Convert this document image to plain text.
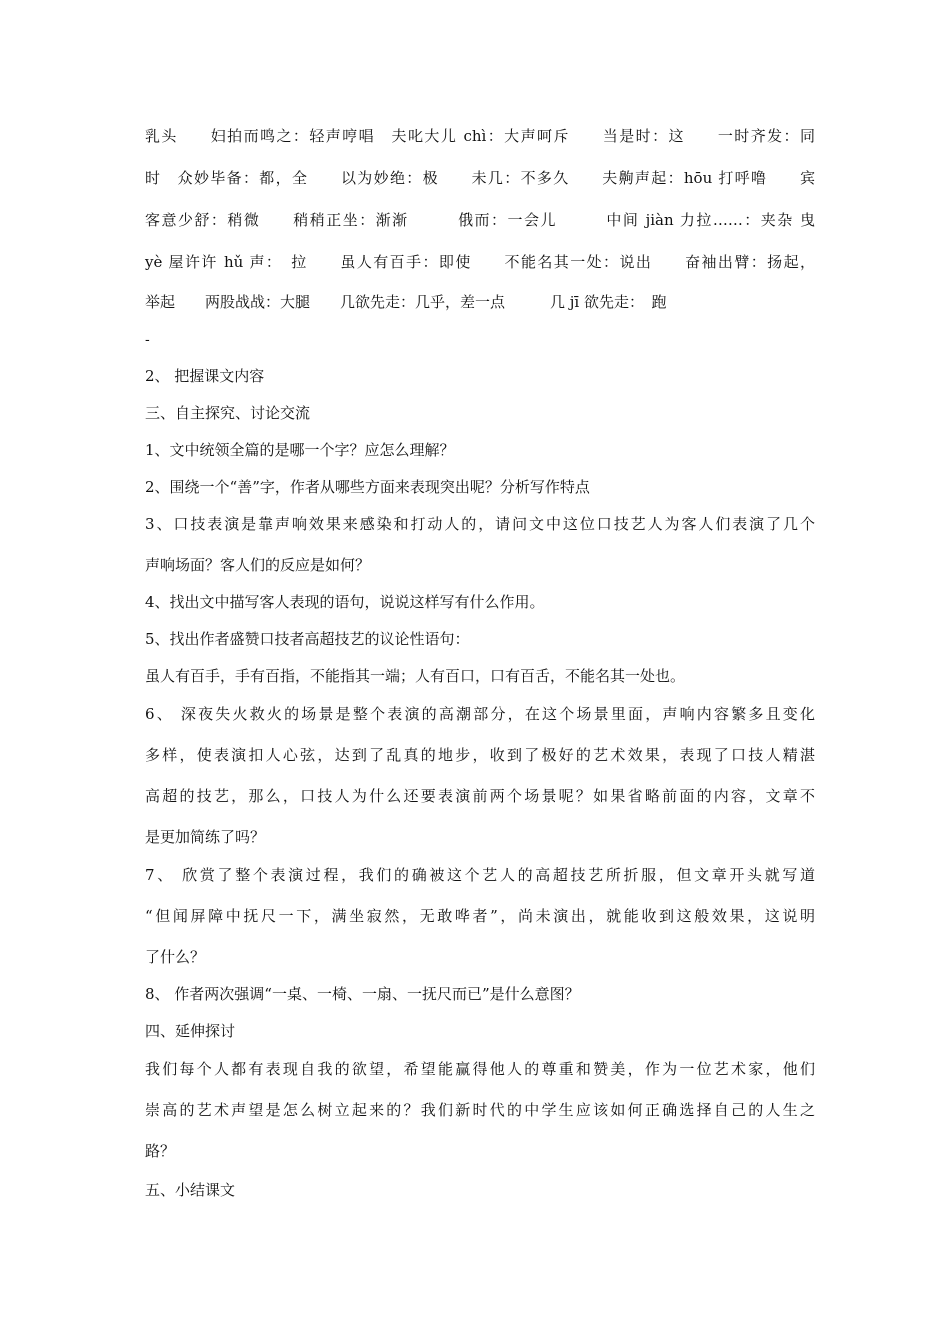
乳头　　妇拍而鸣之：轻声哼唱　夫叱大儿 chì：大声呵斥　　当是时：这　　一时齐发：同
时　众妙毕备：都，全　　以为妙绝：极　　未几：不多久　　夫齁声起：hōu 打呼噜　　宾
客意少舒：稍微　　稍稍正坐：渐渐　　　俄而：一会儿　　　中间 jiàn 力拉……：夹杂 曳
yè 屋许许 hǔ 声：　拉　　虽人有百手：即使　　不能名其一处：说出　　奋袖出臂：扬起，
举起　　两股战战：大腿　　几欲先走：几乎，差一点　　　几 jī 欲先走：　跑
-
2、 把握课文内容
三、自主探究、讨论交流
1、文中统领全篇的是哪一个字？应怎么理解？
2、围绕一个“善”字，作者从哪些方面来表现突出呢？分析写作特点
3、口技表演是靠声响效果来感染和打动人的，请问文中这位口技艺人为客人们表演了几个
声响场面？客人们的反应是如何？
4、找出文中描写客人表现的语句，说说这样写有什么作用。
5、找出作者盛赞口技者高超技艺的议论性语句：
虽人有百手，手有百指，不能指其一端；人有百口，口有百舌，不能名其一处也。
6、 深夜失火救火的场景是整个表演的高潮部分，在这个场景里面，声响内容繁多且变化
多样，使表演扣人心弦，达到了乱真的地步，收到了极好的艺术效果，表现了口技人精湛
高超的技艺，那么，口技人为什么还要表演前两个场景呢？如果省略前面的内容，文章不
是更加简练了吗？
7、 欣赏了整个表演过程，我们的确被这个艺人的高超技艺所折服，但文章开头就写道
“但闻屏障中抚尺一下，满坐寂然，无敢哗者”，尚未演出，就能收到这般效果，这说明
了什么？
8、 作者两次强调“一桌、一椅、一扇、一抚尺而已”是什么意图？
四、延伸探讨
我们每个人都有表现自我的欲望，希望能赢得他人的尊重和赞美，作为一位艺术家，他们
崇高的艺术声望是怎么树立起来的？我们新时代的中学生应该如何正确选择自己的人生之
路？
五、小结课文
